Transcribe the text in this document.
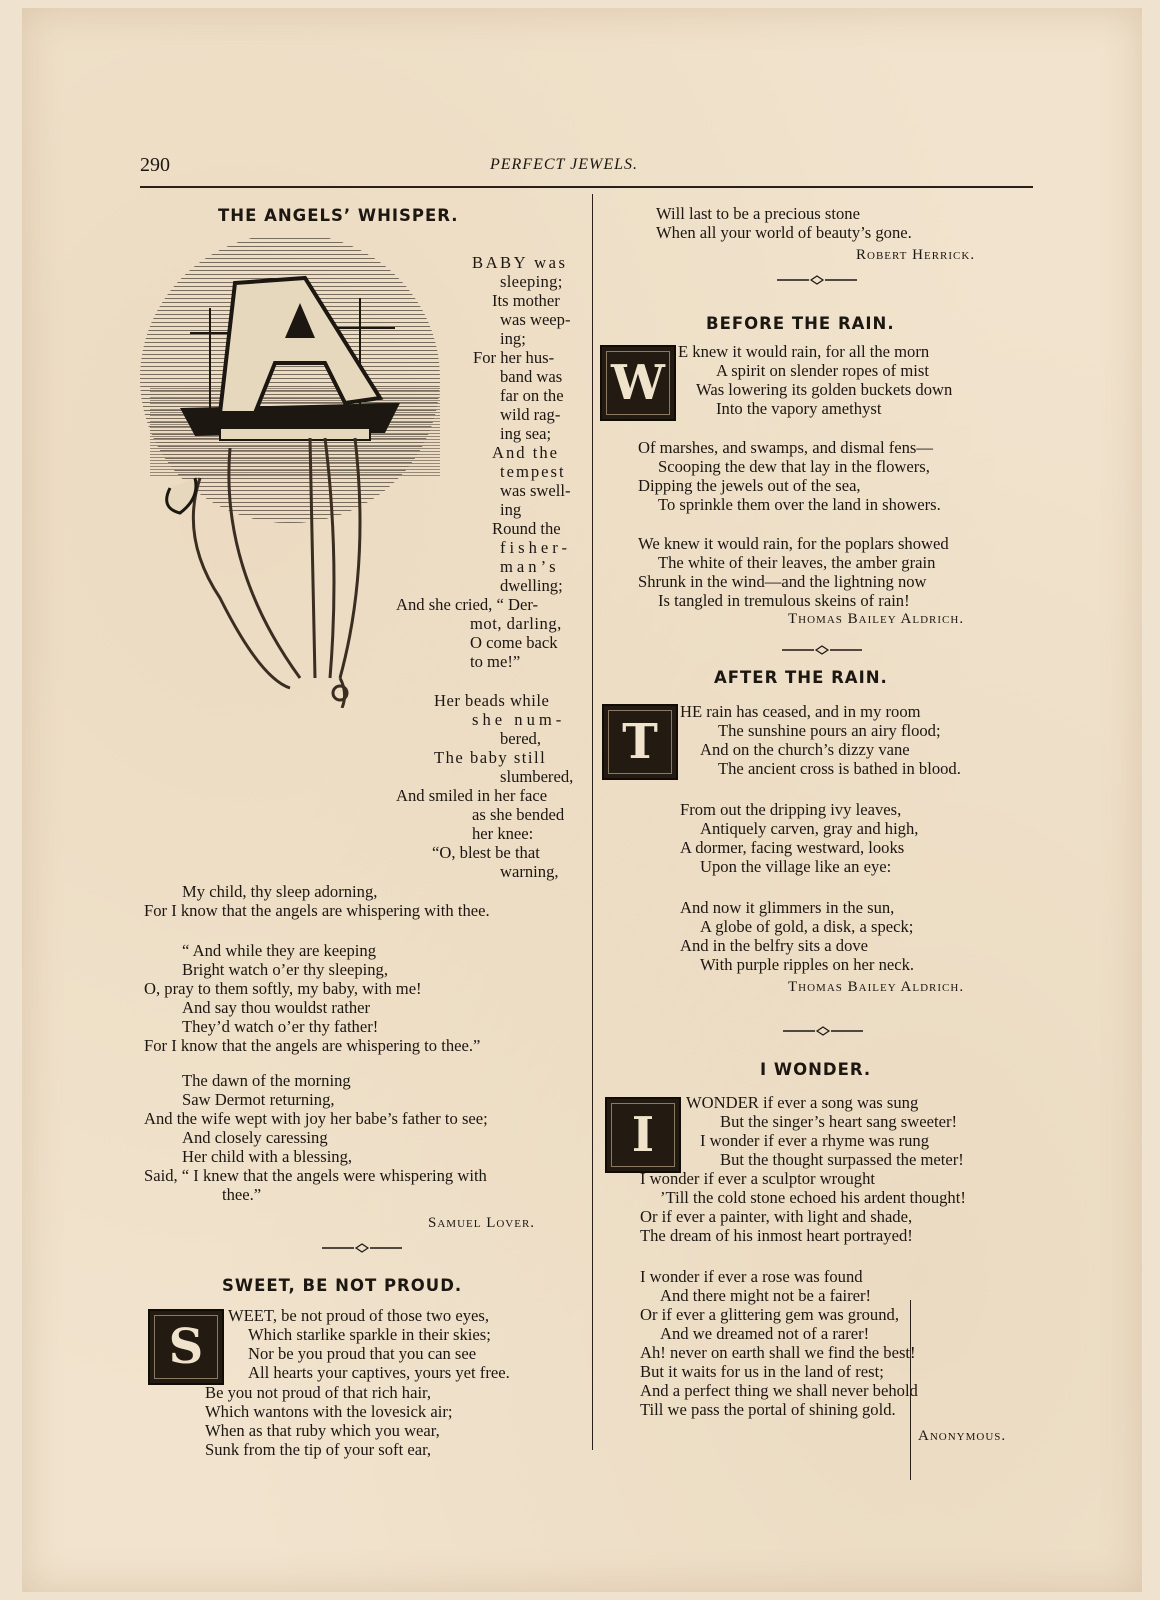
290	PERFECT JEWELS.
THE ANGELS’ WHISPER.
BABY was
sleeping;
Its mother
was weep-
ing;
For her hus-
band was
far on the
wild rag-
ing sea;
And the
tempest
was swell-
ing
Round the
fisher-
man’s
dwelling;
And she cried, “ Der-
mot, darling,
O come back
to me!”
Her beads while
she num-
bered,
The baby still
slumbered,
And smiled in her face
as she bended
her knee:
“O, blest be that
warning,
My child, thy sleep adorning,
For I know that the angels are whispering with thee.
“ And while they are keeping
Bright watch o’er thy sleeping,
O, pray to them softly, my baby, with me!
And say thou wouldst rather
They’d watch o’er thy father!
For I know that the angels are whispering to thee.”
The dawn of the morning
Saw Dermot returning,
And the wife wept with joy her babe’s father to see;
And closely caressing
Her child with a blessing,
Said, “ I knew that the angels were whispering with
thee.”
Samuel Lover.
SWEET, BE NOT PROUD.
S
WEET, be not proud of those two eyes,
Which starlike sparkle in their skies;
Nor be you proud that you can see
All hearts your captives, yours yet free.
Be you not proud of that rich hair,
Which wantons with the lovesick air;
When as that ruby which you wear,
Sunk from the tip of your soft ear,
Will last to be a precious stone
When all your world of beauty’s gone.
Robert Herrick.
BEFORE THE RAIN.
W
E knew it would rain, for all the morn
A spirit on slender ropes of mist
Was lowering its golden buckets down
Into the vapory amethyst
Of marshes, and swamps, and dismal fens—
Scooping the dew that lay in the flowers,
Dipping the jewels out of the sea,
To sprinkle them over the land in showers.
We knew it would rain, for the poplars showed
The white of their leaves, the amber grain
Shrunk in the wind—and the lightning now
Is tangled in tremulous skeins of rain!
Thomas Bailey Aldrich.
AFTER THE RAIN.
T
HE rain has ceased, and in my room
The sunshine pours an airy flood;
And on the church’s dizzy vane
The ancient cross is bathed in blood.
From out the dripping ivy leaves,
Antiquely carven, gray and high,
A dormer, facing westward, looks
Upon the village like an eye:
And now it glimmers in the sun,
A globe of gold, a disk, a speck;
And in the belfry sits a dove
With purple ripples on her neck.
Thomas Bailey Aldrich.
I WONDER.
I
WONDER if ever a song was sung
But the singer’s heart sang sweeter!
I wonder if ever a rhyme was rung
But the thought surpassed the meter!
I wonder if ever a sculptor wrought
’Till the cold stone echoed his ardent thought!
Or if ever a painter, with light and shade,
The dream of his inmost heart portrayed!
I wonder if ever a rose was found
And there might not be a fairer!
Or if ever a glittering gem was ground,
And we dreamed not of a rarer!
Ah! never on earth shall we find the best!
But it waits for us in the land of rest;
And a perfect thing we shall never behold
Till we pass the portal of shining gold.
Anonymous.
